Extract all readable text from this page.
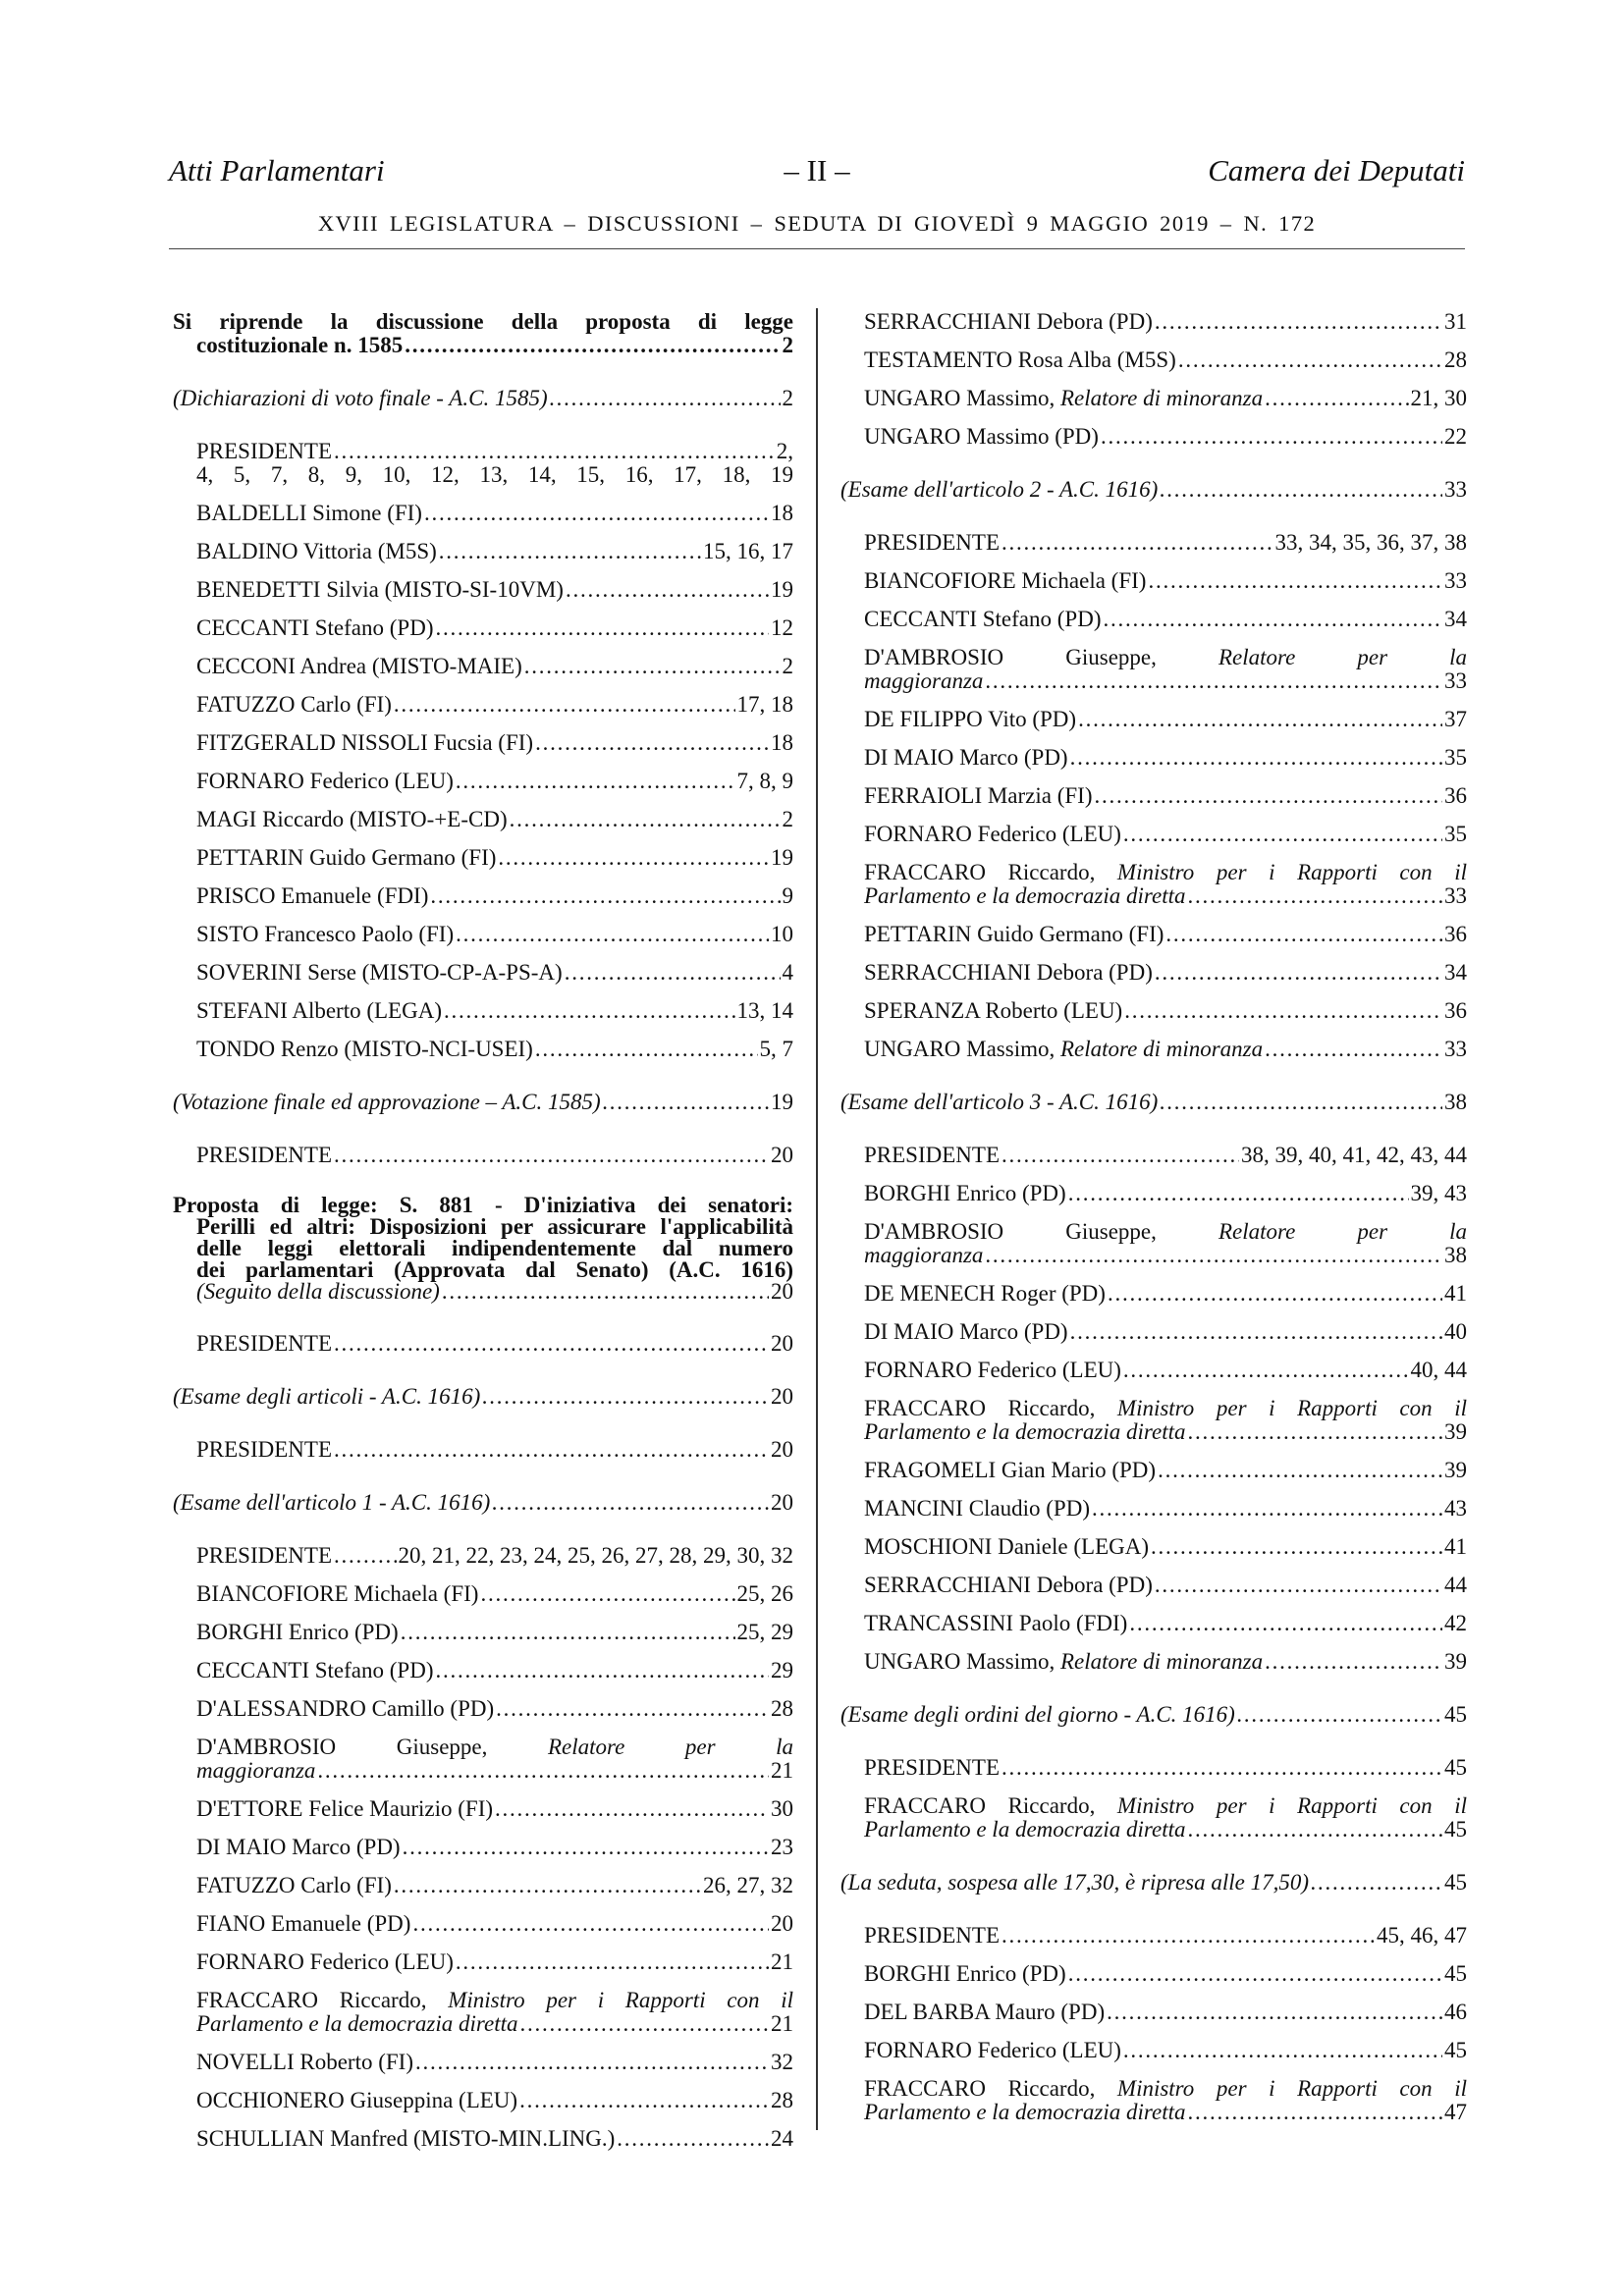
Atti Parlamentari	– II –	Camera dei Deputati
XVIII LEGISLATURA – DISCUSSIONI – SEDUTA DI GIOVEDÌ 9 MAGGIO 2019 – N. 172
Si riprende la discussione della proposta di legge
costituzionale n. 1585 . . .	2
(Dichiarazioni di voto finale - A.C. 1585) . . .	2
PRESIDENTE . . .	2,
4, 5, 7, 8, 9, 10, 12, 13, 14, 15, 16, 17, 18, 19
BALDELLI Simone (FI) . . .	18
BALDINO Vittoria (M5S) . . .	15, 16, 17
BENEDETTI Silvia (MISTO-SI-10VM) . . .	19
CECCANTI Stefano (PD) . . .	12
CECCONI Andrea (MISTO-MAIE) . . .	2
FATUZZO Carlo (FI) . . .	17, 18
FITZGERALD NISSOLI Fucsia (FI) . . .	18
FORNARO Federico (LEU) . . .	7, 8, 9
MAGI Riccardo (MISTO-+E-CD) . . .	2
PETTARIN Guido Germano (FI) . . .	19
PRISCO Emanuele (FDI) . . .	9
SISTO Francesco Paolo (FI) . . .	10
SOVERINI Serse (MISTO-CP-A-PS-A) . . .	4
STEFANI Alberto (LEGA) . . .	13, 14
TONDO Renzo (MISTO-NCI-USEI) . . .	5, 7
(Votazione finale ed approvazione – A.C. 1585) . . .	19
PRESIDENTE . . .	20
Proposta di legge: S. 881 - D'iniziativa dei senatori:
Perilli ed altri: Disposizioni per assicurare l'applicabilità
delle leggi elettorali indipendentemente dal numero
dei parlamentari (Approvata dal Senato) (A.C. 1616)
(Seguito della discussione) . . .	20
PRESIDENTE . . .	20
(Esame degli articoli - A.C. 1616) . . .	20
PRESIDENTE . . .	20
(Esame dell'articolo 1 - A.C. 1616) . . .	20
PRESIDENTE . . .	20, 21, 22, 23, 24, 25, 26, 27, 28, 29, 30, 32
BIANCOFIORE Michaela (FI) . . .	25, 26
BORGHI Enrico (PD) . . .	25, 29
CECCANTI Stefano (PD) . . .	29
D'ALESSANDRO Camillo (PD) . . .	28
D'AMBROSIO	Giuseppe,	Relatore	per	la
maggioranza . . .	21
D'ETTORE Felice Maurizio (FI) . . .	30
DI MAIO Marco (PD) . . .	23
FATUZZO Carlo (FI) . . .	26, 27, 32
FIANO Emanuele (PD) . . .	20
FORNARO Federico (LEU) . . .	21
FRACCARO Riccardo, Ministro per i Rapporti con il
Parlamento e la democrazia diretta . . .	21
NOVELLI Roberto (FI) . . .	32
OCCHIONERO Giuseppina (LEU) . . .	28
SCHULLIAN Manfred (MISTO-MIN.LING.) . . .	24
SERRACCHIANI Debora (PD) . . .	31
TESTAMENTO Rosa Alba (M5S) . . .	28
UNGARO Massimo, Relatore di minoranza . . .	21, 30
UNGARO Massimo (PD) . . .	22
(Esame dell'articolo 2 - A.C. 1616) . . .	33
PRESIDENTE . . .	33, 34, 35, 36, 37, 38
BIANCOFIORE Michaela (FI) . . .	33
CECCANTI Stefano (PD) . . .	34
D'AMBROSIO	Giuseppe,	Relatore	per	la
maggioranza . . .	33
DE FILIPPO Vito (PD) . . .	37
DI MAIO Marco (PD) . . .	35
FERRAIOLI Marzia (FI) . . .	36
FORNARO Federico (LEU) . . .	35
FRACCARO Riccardo, Ministro per i Rapporti con il
Parlamento e la democrazia diretta . . .	33
PETTARIN Guido Germano (FI) . . .	36
SERRACCHIANI Debora (PD) . . .	34
SPERANZA Roberto (LEU) . . .	36
UNGARO Massimo, Relatore di minoranza . . .	33
(Esame dell'articolo 3 - A.C. 1616) . . .	38
PRESIDENTE . . .	38, 39, 40, 41, 42, 43, 44
BORGHI Enrico (PD) . . .	39, 43
D'AMBROSIO	Giuseppe,	Relatore	per	la
maggioranza . . .	38
DE MENECH Roger (PD) . . .	41
DI MAIO Marco (PD) . . .	40
FORNARO Federico (LEU) . . .	40, 44
FRACCARO Riccardo, Ministro per i Rapporti con il
Parlamento e la democrazia diretta . . .	39
FRAGOMELI Gian Mario (PD) . . .	39
MANCINI Claudio (PD) . . .	43
MOSCHIONI Daniele (LEGA) . . .	41
SERRACCHIANI Debora (PD) . . .	44
TRANCASSINI Paolo (FDI) . . .	42
UNGARO Massimo, Relatore di minoranza . . .	39
(Esame degli ordini del giorno - A.C. 1616) . . .	45
PRESIDENTE . . .	45
FRACCARO Riccardo, Ministro per i Rapporti con il
Parlamento e la democrazia diretta . . .	45
(La seduta, sospesa alle 17,30, è ripresa alle 17,50) . . .	45
PRESIDENTE . . .	45, 46, 47
BORGHI Enrico (PD) . . .	45
DEL BARBA Mauro (PD) . . .	46
FORNARO Federico (LEU) . . .	45
FRACCARO Riccardo, Ministro per i Rapporti con il
Parlamento e la democrazia diretta . . .	47
